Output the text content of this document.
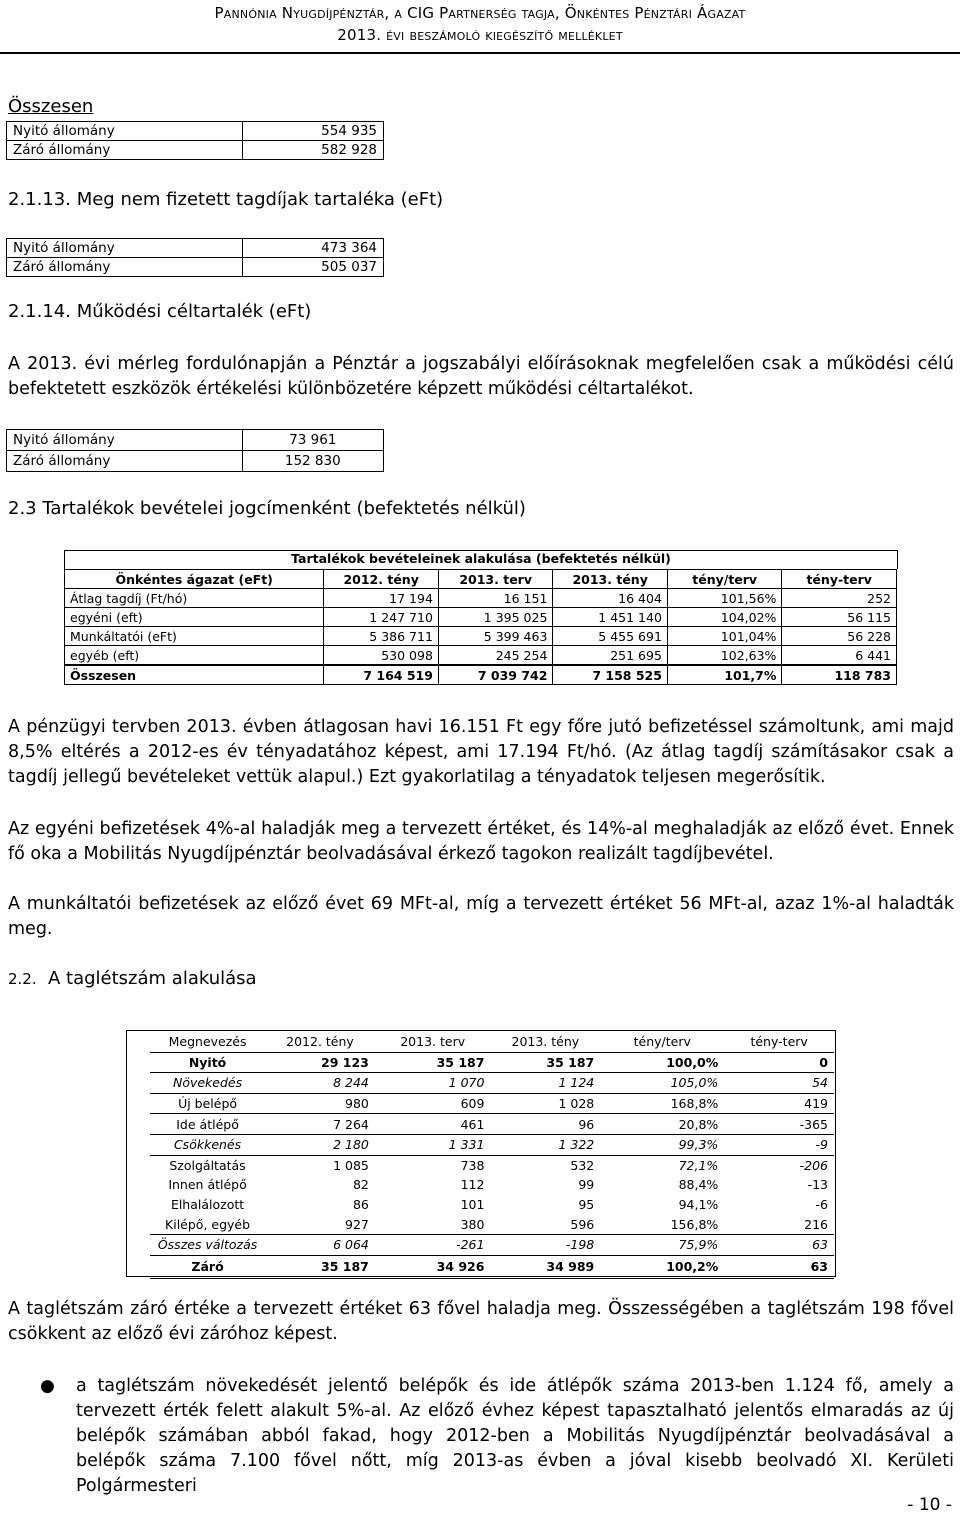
Pannónia Nyugdíjpénztár, a CIG Partnerség tagja, Önkéntes Pénztári Ágazat
2013. évi beszámoló kiegészítő melléklet
Összesen
Nyitó állomány	554 935
Záró állomány	582 928
2.1.13. Meg nem fizetett tagdíjak tartaléka (eFt)
Nyitó állomány	473 364
Záró állomány	505 037
2.1.14. Működési céltartalék (eFt)
A 2013. évi mérleg fordulónapján a Pénztár a jogszabályi előírásoknak megfelelően csak a működési célú befektetett eszközök értékelési különbözetére képzett működési céltartalékot.
Nyitó állomány	73 961
Záró állomány	152 830
2.3 Tartalékok bevételei jogcímenként (befektetés nélkül)
Tartalékok bevételeinek alakulása (befektetés nélkül)
Önkéntes ágazat (eFt)	2012. tény	2013. terv	2013. tény	tény/terv	tény-terv
Átlag tagdíj (Ft/hó)	17 194	16 151	16 404	101,56%	252
egyéni (eft)	1 247 710	1 395 025	1 451 140	104,02%	56 115
Munkáltatói (eFt)	5 386 711	5 399 463	5 455 691	101,04%	56 228
egyéb (eft)	530 098	245 254	251 695	102,63%	6 441
Összesen	7 164 519	7 039 742	7 158 525	101,7%	118 783
A pénzügyi tervben 2013. évben átlagosan havi 16.151 Ft egy főre jutó befizetéssel számoltunk, ami majd 8,5% eltérés a 2012-es év tényadatához képest, ami 17.194 Ft/hó. (Az átlag tagdíj számításakor csak a tagdíj jellegű bevételeket vettük alapul.) Ezt gyakorlatilag a tényadatok teljesen megerősítik.
Az egyéni befizetések 4%-al haladják meg a tervezett értéket, és 14%-al meghaladják az előző évet. Ennek fő oka a Mobilitás Nyugdíjpénztár beolvadásával érkező tagokon realizált tagdíjbevétel.
A munkáltatói befizetések az előző évet 69 MFt-al, míg a tervezett értéket 56 MFt-al, azaz 1%-al haladták meg.
2.2. A taglétszám alakulása
Megnevezés	2012. tény	2013. terv	2013. tény	tény/terv	tény-terv
Nyitó	29 123	35 187	35 187	100,0%	0
Növekedés	8 244	1 070	1 124	105,0%	54
Új belépő	980	609	1 028	168,8%	419
Ide átlépő	7 264	461	96	20,8%	-365
Csökkenés	2 180	1 331	1 322	99,3%	-9
Szolgáltatás	1 085	738	532	72,1%	-206
Innen átlépő	82	112	99	88,4%	-13
Elhalálozott	86	101	95	94,1%	-6
Kilépő, egyéb	927	380	596	156,8%	216
Összes változás	6 064	-261	-198	75,9%	63
Záró	35 187	34 926	34 989	100,2%	63
A taglétszám záró értéke a tervezett értéket 63 fővel haladja meg. Összességében a taglétszám 198 fővel csökkent az előző évi záróhoz képest.
● a taglétszám növekedését jelentő belépők és ide átlépők száma 2013-ben 1.124 fő, amely a tervezett érték felett alakult 5%-al. Az előző évhez képest tapasztalható jelentős elmaradás az új belépők számában abból fakad, hogy 2012-ben a Mobilitás Nyugdíjpénztár beolvadásával a belépők száma 7.100 fővel nőtt, míg 2013-as évben a jóval kisebb beolvadó XI. Kerületi Polgármesteri
- 10 -
